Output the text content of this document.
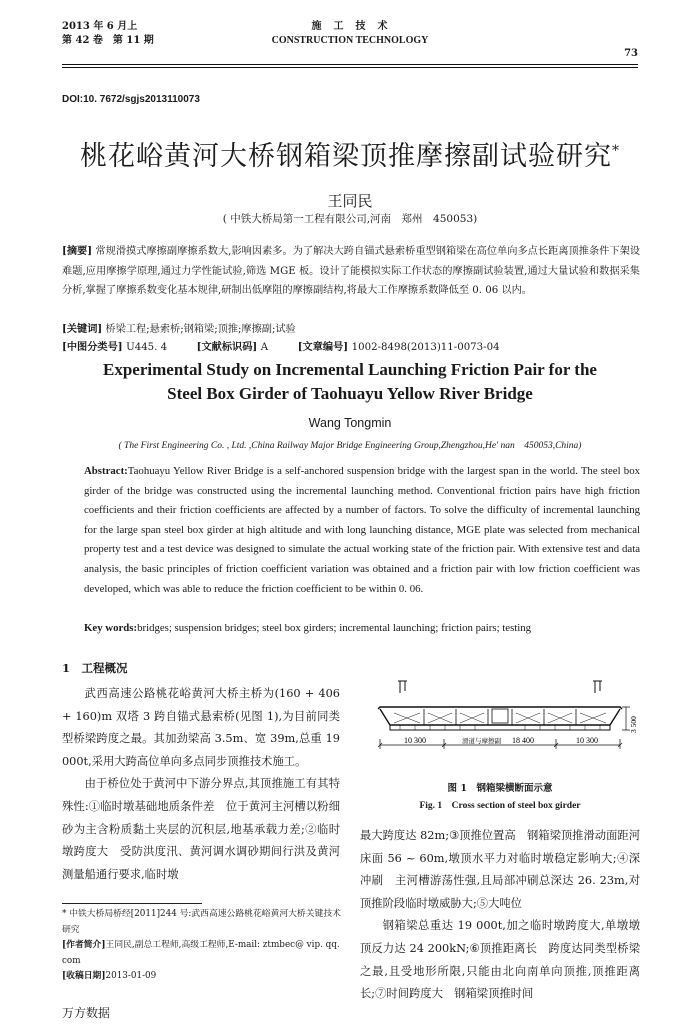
2013 年 6 月上
第 42 卷　第 11 期
施　工　技　术
CONSTRUCTION TECHNOLOGY
73
DOI:10. 7672/sgjs2013110073
桃花峪黄河大桥钢箱梁顶推摩擦副试验研究*
王同民
( 中铁大桥局第一工程有限公司,河南　郑州　450053)
[摘要] 常规滑摸式摩擦副摩擦系数大,影响因素多。为了解决大跨自锚式悬索桥重型钢箱梁在高位单向多点长距离顶推条件下架设难题,应用摩擦学原理,通过力学性能试验,筛选 MGE 板。设计了能模拟实际工作状态的摩擦副试验装置,通过大量试验和数据采集分析,掌握了摩擦系数变化基本规律,研制出低摩阻的摩擦副结构,将最大工作摩擦系数降低至 0. 06 以内。
[关键词] 桥梁工程;悬索桥;钢箱梁;顶推;摩擦副;试验
[中图分类号] U445. 4	[文献标识码] A	[文章编号] 1002-8498(2013)11-0073-04
Experimental Study on Incremental Launching Friction Pair for the
Steel Box Girder of Taohuayu Yellow River Bridge
Wang Tongmin
( The First Engineering Co. , Ltd. ,China Railway Major Bridge Engineering Group,Zhengzhou,He' nan　450053,China)
Abstract:Taohuayu Yellow River Bridge is a self-anchored suspension bridge with the largest span in the world. The steel box girder of the bridge was constructed using the incremental launching method. Conventional friction pairs have high friction coefficients and their friction coefficients are affected by a number of factors. To solve the difficulty of incremental launching for the large span steel box girder at high altitude and with long launching distance, MGE plate was selected from mechanical property test and a test device was designed to simulate the actual working state of the friction pair. With extensive test and data analysis, the basic principles of friction coefficient variation was obtained and a friction pair with low friction coefficient was developed, which was able to reduce the friction coefficient to be within 0. 06.
Key words:bridges; suspension bridges; steel box girders; incremental launching; friction pairs; testing
1　工程概况

武西高速公路桃花峪黄河大桥主桥为(160 + 406 + 160)m 双塔 3 跨自锚式悬索桥(见图 1),为目前同类型桥梁跨度之最。其加劲梁高 3.5m、宽 39m,总重 19 000t,采用大跨高位单向多点同步顶推技术施工。

由于桥位处于黄河中下游分界点,其顶推施工有其特殊性:①临时墩基础地质条件差　位于黄河主河槽以粉细砂为主含粉质黏土夹层的沉积层,地基承载力差;②临时墩跨度大　受防洪度汛、黄河调水调砂期间行洪及黄河测量船通行要求,临时墩

10 300	滑道与摩擦副 18 400	10 300
3 500
图 1　钢箱梁横断面示意
Fig. 1　Cross section of steel box girder

最大跨度达 82m;③顶推位置高　钢箱梁顶推滑动面距河床面 56 ~ 60m,墩顶水平力对临时墩稳定影响大;④深冲刷　主河槽游荡性强,且局部冲刷总深达 26. 23m,对顶推阶段临时墩威胁大;⑤大吨位

钢箱梁总重达 19 000t,加之临时墩跨度大,单墩墩顶反力达 24 200kN;⑥顶推距离长　跨度达同类型桥梁之最,且受地形所限,只能由北向南单向顶推,顶推距离长;⑦时间跨度大　钢箱梁顶推时间

* 中铁大桥局桥经[2011]244 号:武西高速公路桃花峪黄河大桥关键技术研究

[作者简介]王同民,副总工程师,高级工程师,E-mail: ztmbec@ vip. qq. com

[收稿日期]2013-01-09

万方数据
